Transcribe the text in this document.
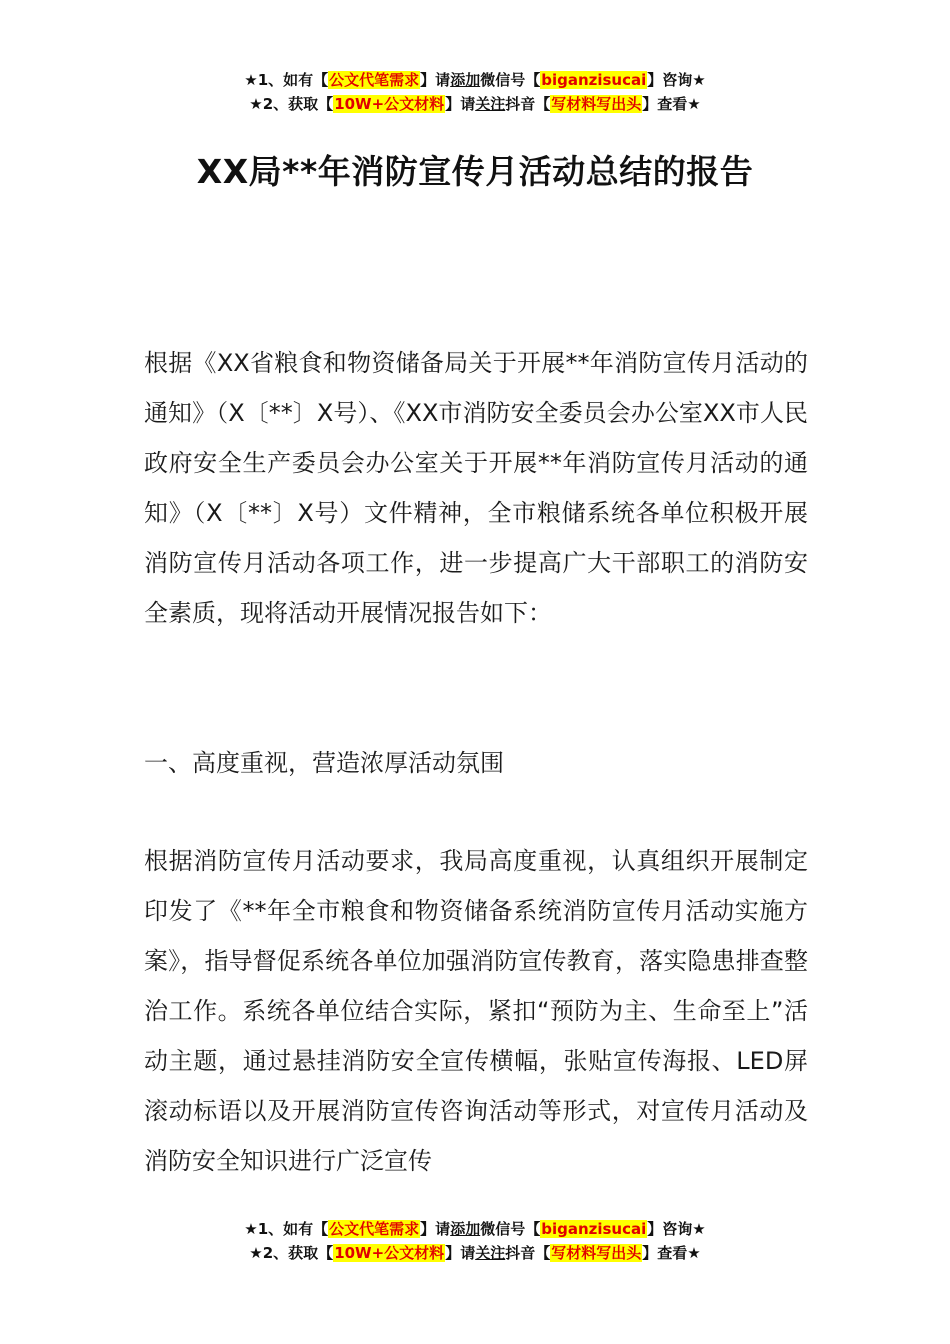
★1、如有【公文代笔需求】请添加微信号【biganzisucai】咨询★
★2、获取【10W+公文材料】请关注抖音【写材料写出头】查看★
XX局**年消防宣传月活动总结的报告

根据《XX省粮食和物资储备局关于开展**年消防宣传月活动的通知》（X〔**〕X号）、《XX市消防安全委员会办公室XX市人民政府安全生产委员会办公室关于开展**年消防宣传月活动的通知》（X〔**〕X号）文件精神，全市粮储系统各单位积极开展消防宣传月活动各项工作，进一步提高广大干部职工的消防安全素质，现将活动开展情况报告如下：

一、高度重视，营造浓厚活动氛围

根据消防宣传月活动要求，我局高度重视，认真组织开展制定印发了《**年全市粮食和物资储备系统消防宣传月活动实施方案》，指导督促系统各单位加强消防宣传教育，落实隐患排查整治工作。系统各单位结合实际，紧扣“预防为主、生命至上”活动主题，通过悬挂消防安全宣传横幅，张贴宣传海报、LED屏滚动标语以及开展消防宣传咨询活动等形式，对宣传月活动及消防安全知识进行广泛宣传

★1、如有【公文代笔需求】请添加微信号【biganzisucai】咨询★
★2、获取【10W+公文材料】请关注抖音【写材料写出头】查看★
